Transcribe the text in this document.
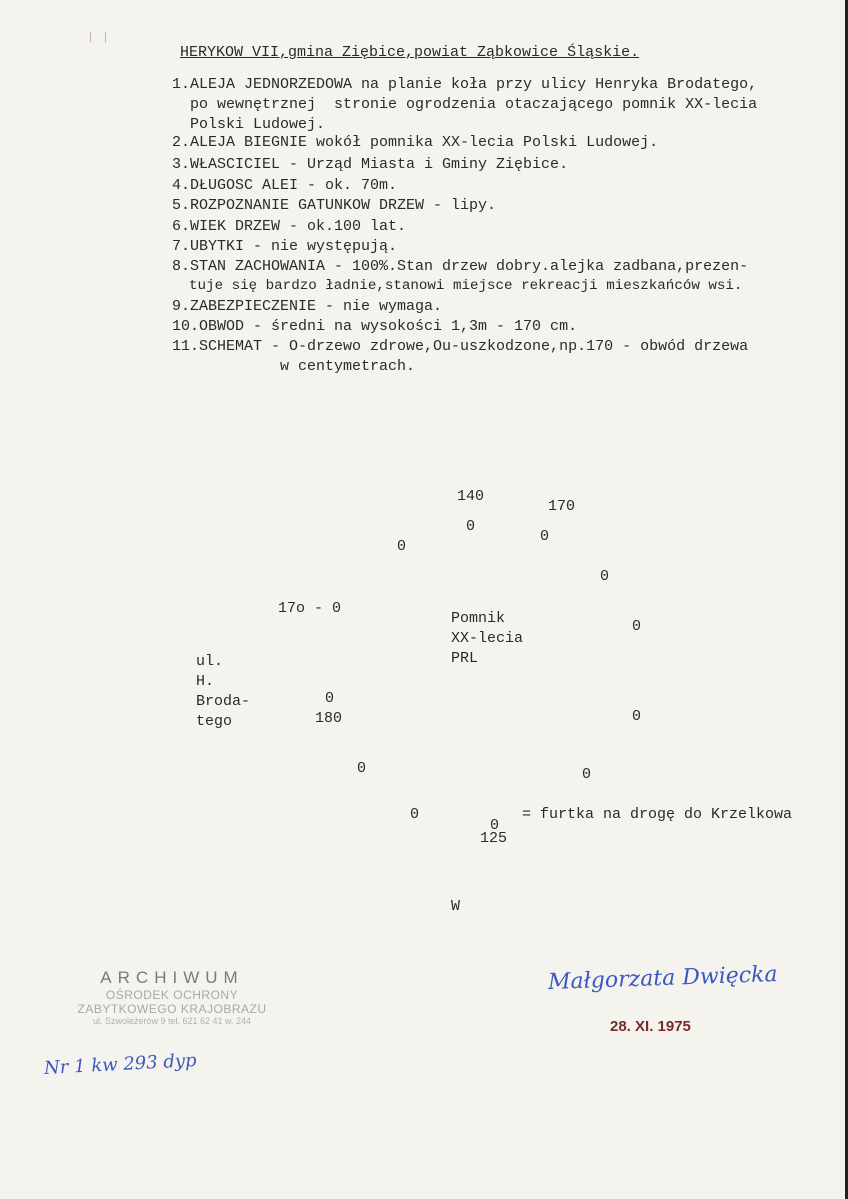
HERYKOW VII,gmina Ziębice,powiat Ząbkowice Śląskie.
1.ALEJA JEDNORZEDOWA na planie koła przy ulicy Henryka Brodatego,
po wewnętrznej  stronie ogrodzenia otaczającego pomnik XX-lecia
Polski Ludowej.
2.ALEJA BIEGNIE wokół pomnika XX-lecia Polski Ludowej.
3.WŁASCICIEL - Urząd Miasta i Gminy Ziębice.
4.DŁUGOSC ALEI - ok. 70m.
5.ROZPOZNANIE GATUNKOW DRZEW - lipy.
6.WIEK DRZEW - ok.100 lat.
7.UBYTKI - nie występują.
8.STAN ZACHOWANIA - 100%.Stan drzew dobry.alejka zadbana,prezen-
tuje się bardzo ładnie,stanowi miejsce rekreacji mieszkańców wsi.
9.ZABEZPIECZENIE - nie wymaga.
10.OBWOD - średni na wysokości 1,3m - 170 cm.
11.SCHEMAT - O-drzewo zdrowe,Ou-uszkodzone,np.170 - obwód drzewa
w centymetrach.
140
170
0
0
0
0
17o - 0
Pomnik
XX-lecia
PRL
0
ul.
H.
Broda-
tego
0
180	0
0	0
0
0
125
= furtka na drogę do Krzelkowa
W
ARCHIWUM
OŚRODEK OCHRONY
ZABYTKOWEGO KRAJOBRAZU
ul. Szwoleżerów 9 tel. 621 62 41 w. 244
Małgorzata Dwięcka
28. XI. 1975
Nr 1 kw 293 dyp
